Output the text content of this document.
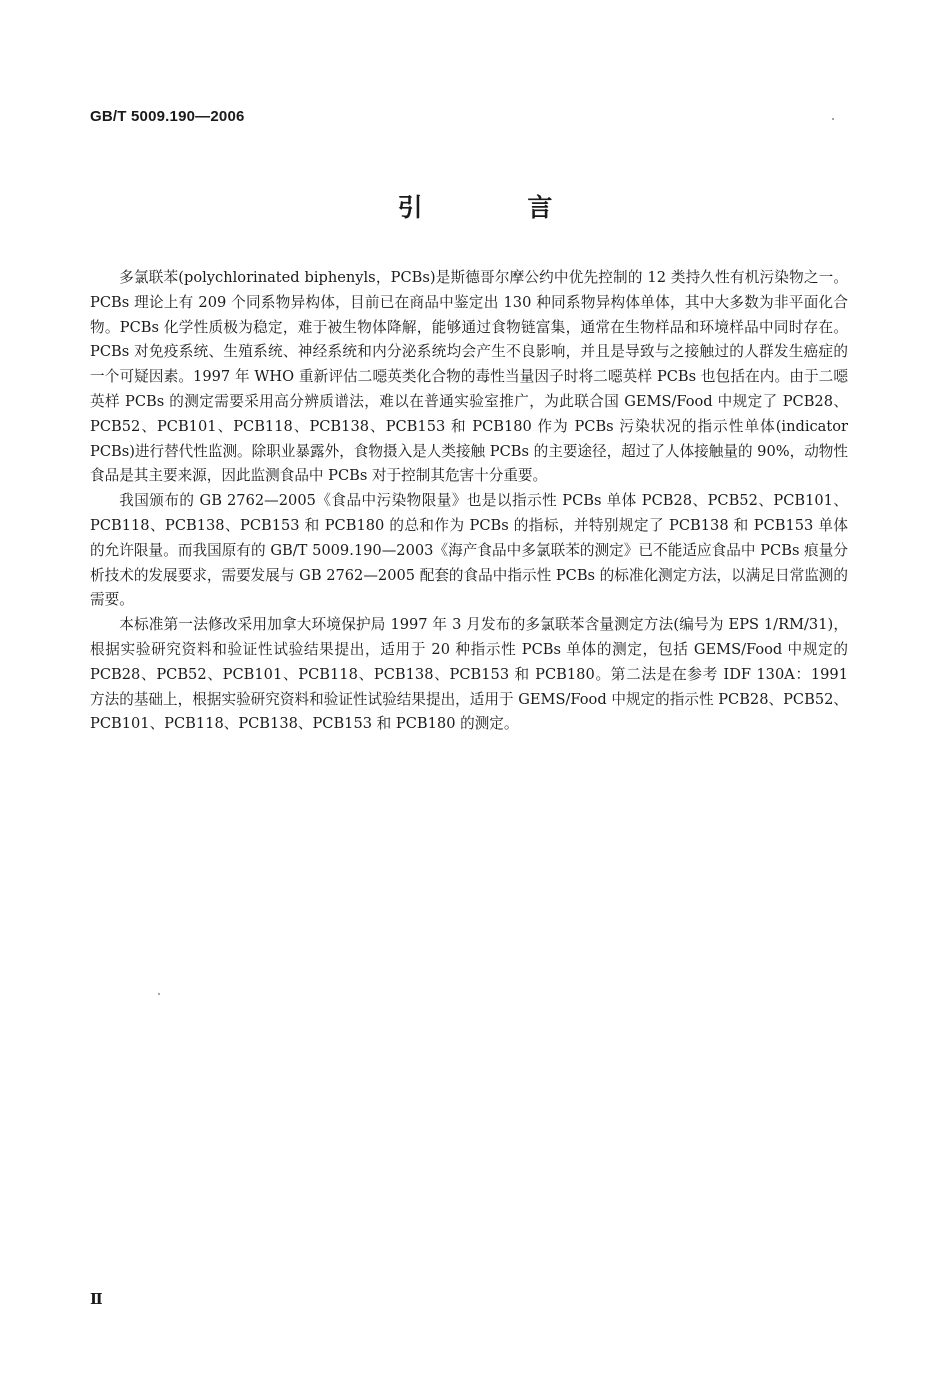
GB/T 5009.190—2006
引 言

多氯联苯(polychlorinated biphenyls，PCBs)是斯德哥尔摩公约中优先控制的 12 类持久性有机污染物之一。PCBs 理论上有 209 个同系物异构体，目前已在商品中鉴定出 130 种同系物异构体单体，其中大多数为非平面化合物。PCBs 化学性质极为稳定，难于被生物体降解，能够通过食物链富集，通常在生物样品和环境样品中同时存在。PCBs 对免疫系统、生殖系统、神经系统和内分泌系统均会产生不良影响，并且是导致与之接触过的人群发生癌症的一个可疑因素。1997 年 WHO 重新评估二噁英类化合物的毒性当量因子时将二噁英样 PCBs 也包括在内。由于二噁英样 PCBs 的测定需要采用高分辨质谱法，难以在普通实验室推广，为此联合国 GEMS/Food 中规定了 PCB28、PCB52、PCB101、PCB118、PCB138、PCB153 和 PCB180 作为 PCBs 污染状况的指示性单体(indicator PCBs)进行替代性监测。除职业暴露外，食物摄入是人类接触 PCBs 的主要途径，超过了人体接触量的 90%，动物性食品是其主要来源，因此监测食品中 PCBs 对于控制其危害十分重要。

我国颁布的 GB 2762—2005《食品中污染物限量》也是以指示性 PCBs 单体 PCB28、PCB52、PCB101、PCB118、PCB138、PCB153 和 PCB180 的总和作为 PCBs 的指标，并特别规定了 PCB138 和 PCB153 单体的允许限量。而我国原有的 GB/T 5009.190—2003《海产食品中多氯联苯的测定》已不能适应食品中 PCBs 痕量分析技术的发展要求，需要发展与 GB 2762—2005 配套的食品中指示性 PCBs 的标准化测定方法，以满足日常监测的需要。

本标准第一法修改采用加拿大环境保护局 1997 年 3 月发布的多氯联苯含量测定方法(编号为 EPS 1/RM/31)，根据实验研究资料和验证性试验结果提出，适用于 20 种指示性 PCBs 单体的测定，包括 GEMS/Food 中规定的 PCB28、PCB52、PCB101、PCB118、PCB138、PCB153 和 PCB180。第二法是在参考 IDF 130A：1991 方法的基础上，根据实验研究资料和验证性试验结果提出，适用于 GEMS/Food 中规定的指示性 PCB28、PCB52、PCB101、PCB118、PCB138、PCB153 和 PCB180 的测定。

Ⅱ
